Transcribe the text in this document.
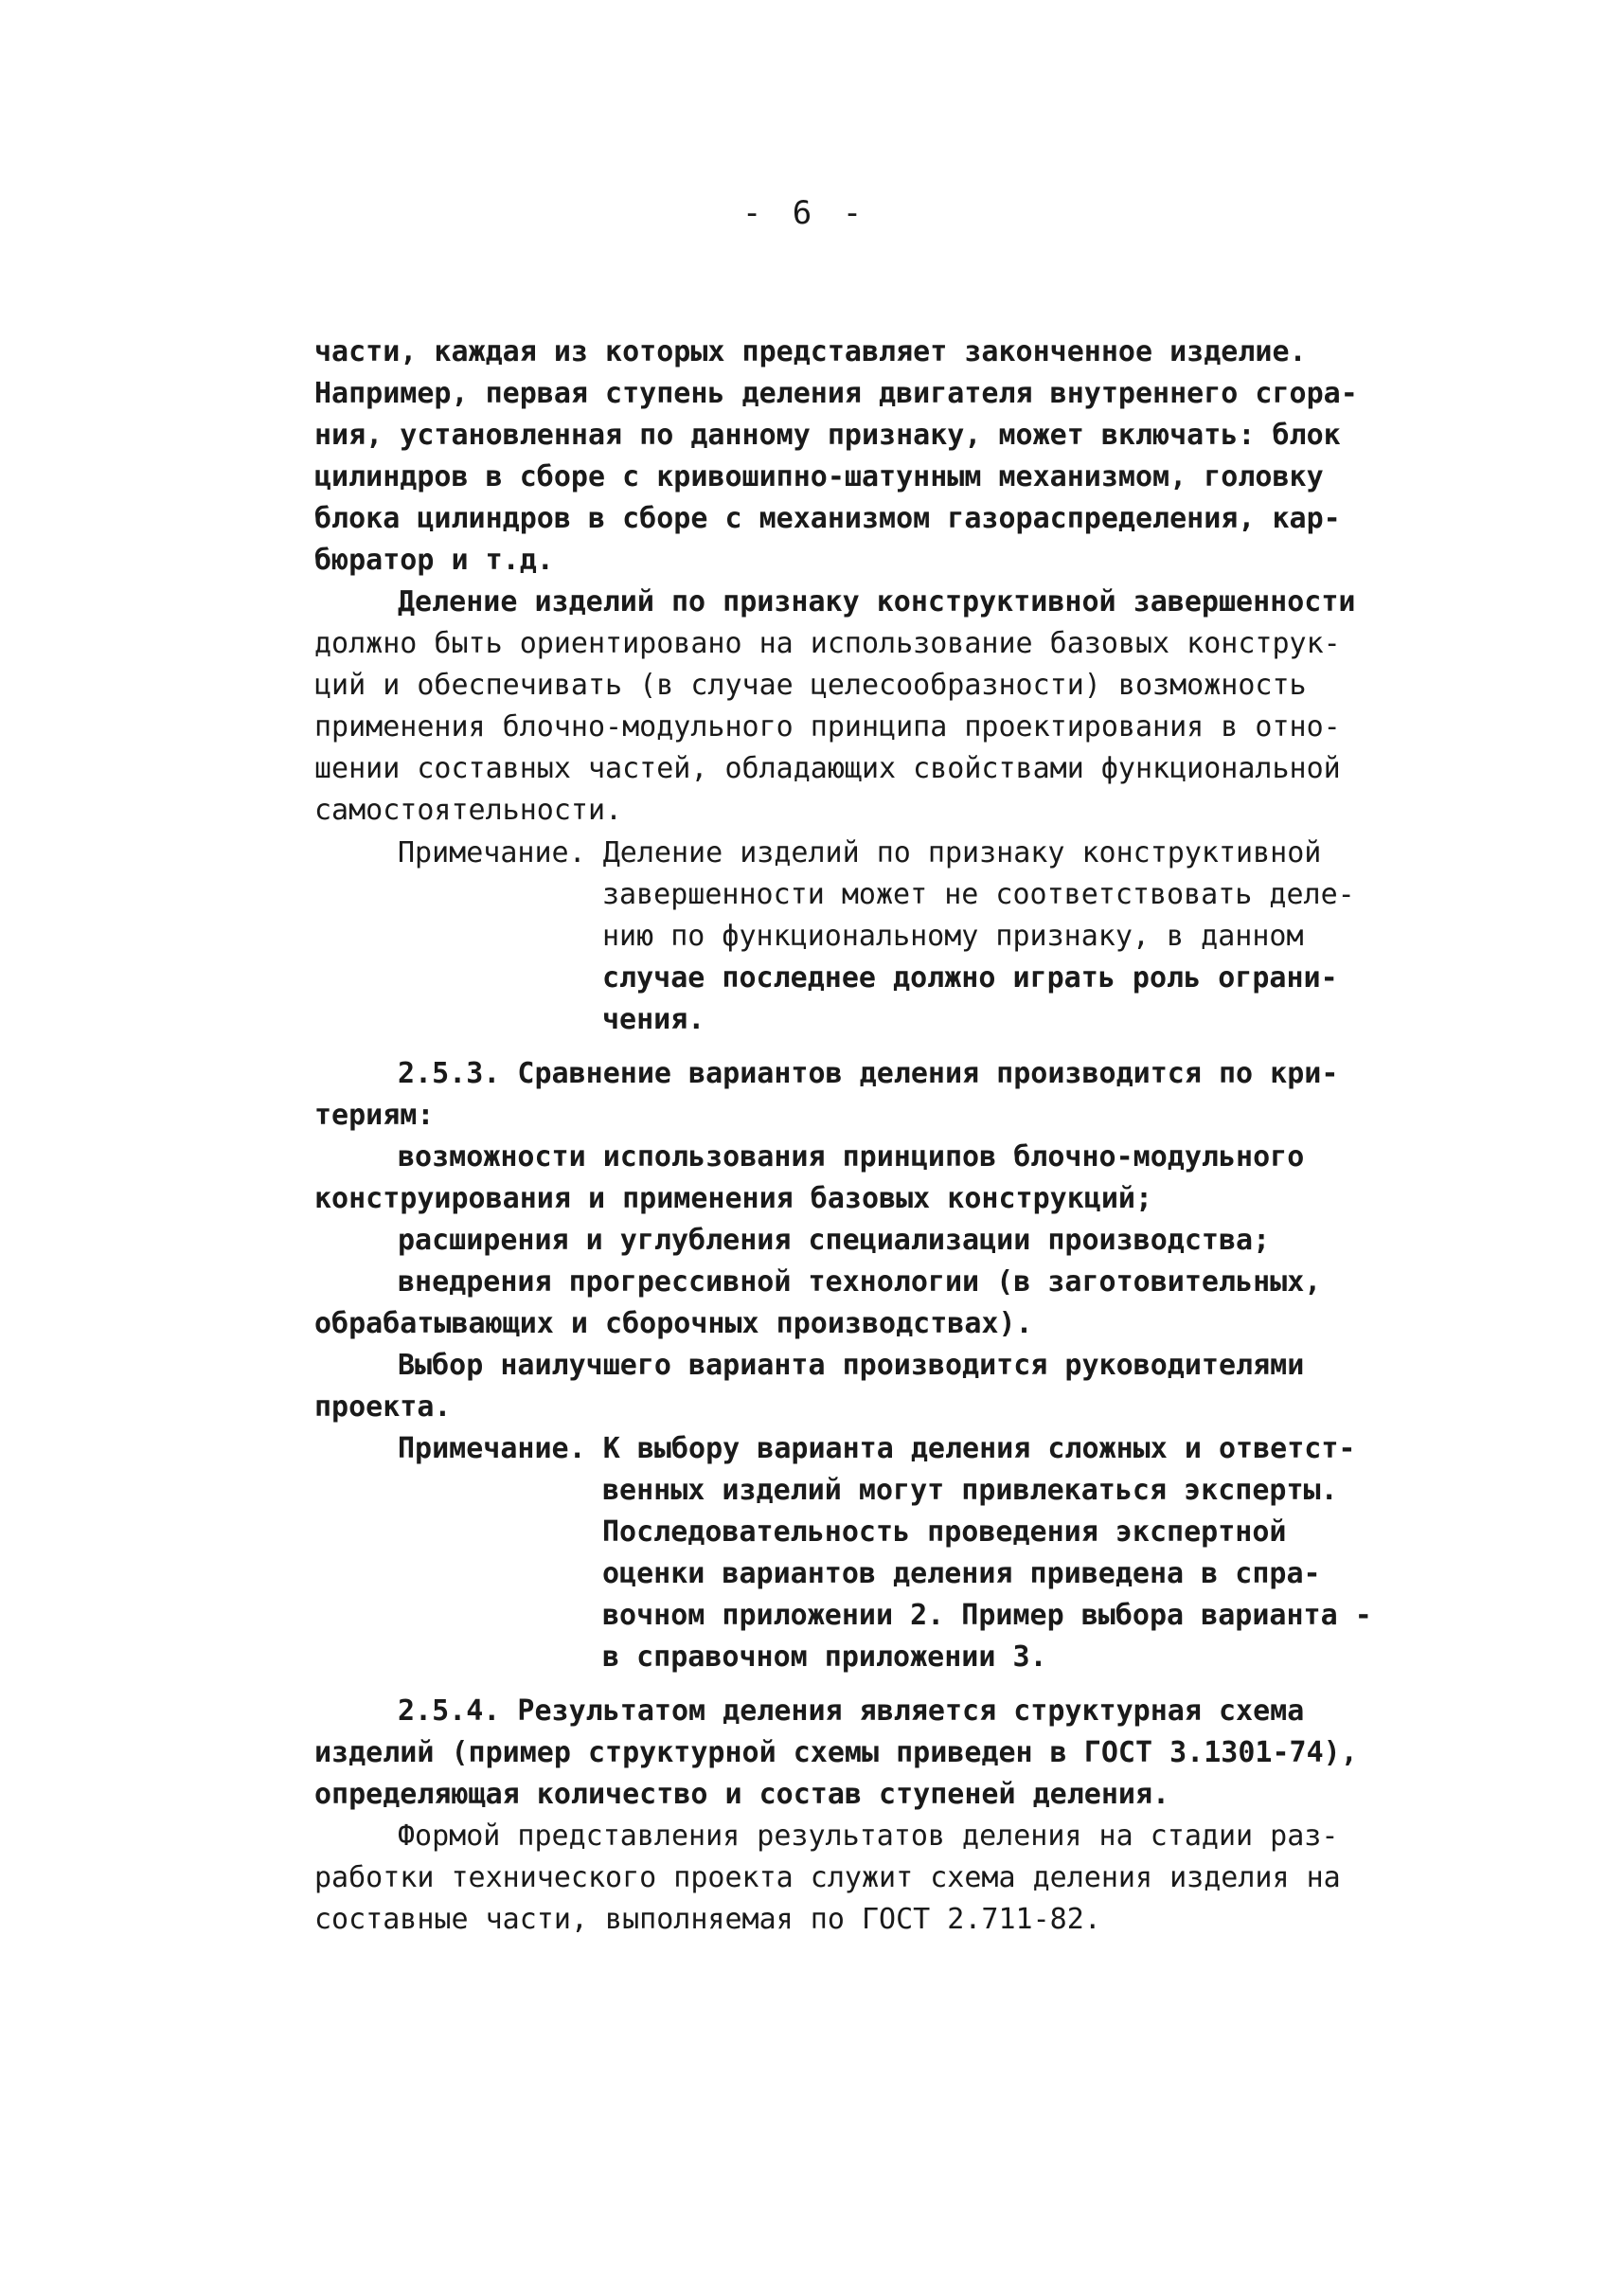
- 6 -
части, каждая из которых представляет законченное изделие.
Например, первая ступень деления двигателя внутреннего сгора-
ния, установленная по данному признаку, может включать: блок
цилиндров в сборе с кривошипно-шатунным механизмом, головку
блока цилиндров в сборе с механизмом газораспределения, кар-
бюратор и т.д.
Деление изделий по признаку конструктивной завершенности
должно быть ориентировано на использование базовых конструк-
ций и обеспечивать (в случае целесообразности) возможность
применения блочно-модульного принципа проектирования в отно-
шении составных частей, обладающих свойствами функциональной
самостоятельности.
Примечание. Деление изделий по признаку конструктивной
завершенности может не соответствовать деле-
нию по функциональному признаку, в данном
случае последнее должно играть роль ограни-
чения.
2.5.3. Сравнение вариантов деления производится по кри-
териям:
возможности использования принципов блочно-модульного
конструирования и применения базовых конструкций;
расширения и углубления специализации производства;
внедрения прогрессивной технологии (в заготовительных,
обрабатывающих и сборочных производствах).
Выбор наилучшего варианта производится руководителями
проекта.
Примечание. К выбору варианта деления сложных и ответст-
венных изделий могут привлекаться эксперты.
Последовательность проведения экспертной
оценки вариантов деления приведена в спра-
вочном приложении 2. Пример выбора варианта -
в справочном приложении 3.
2.5.4. Результатом деления является структурная схема
изделий (пример структурной схемы приведен в ГОСТ 3.1301-74),
определяющая количество и состав ступеней деления.
Формой представления результатов деления на стадии раз-
работки технического проекта служит схема деления изделия на
составные части, выполняемая по ГОСТ 2.711-82.
